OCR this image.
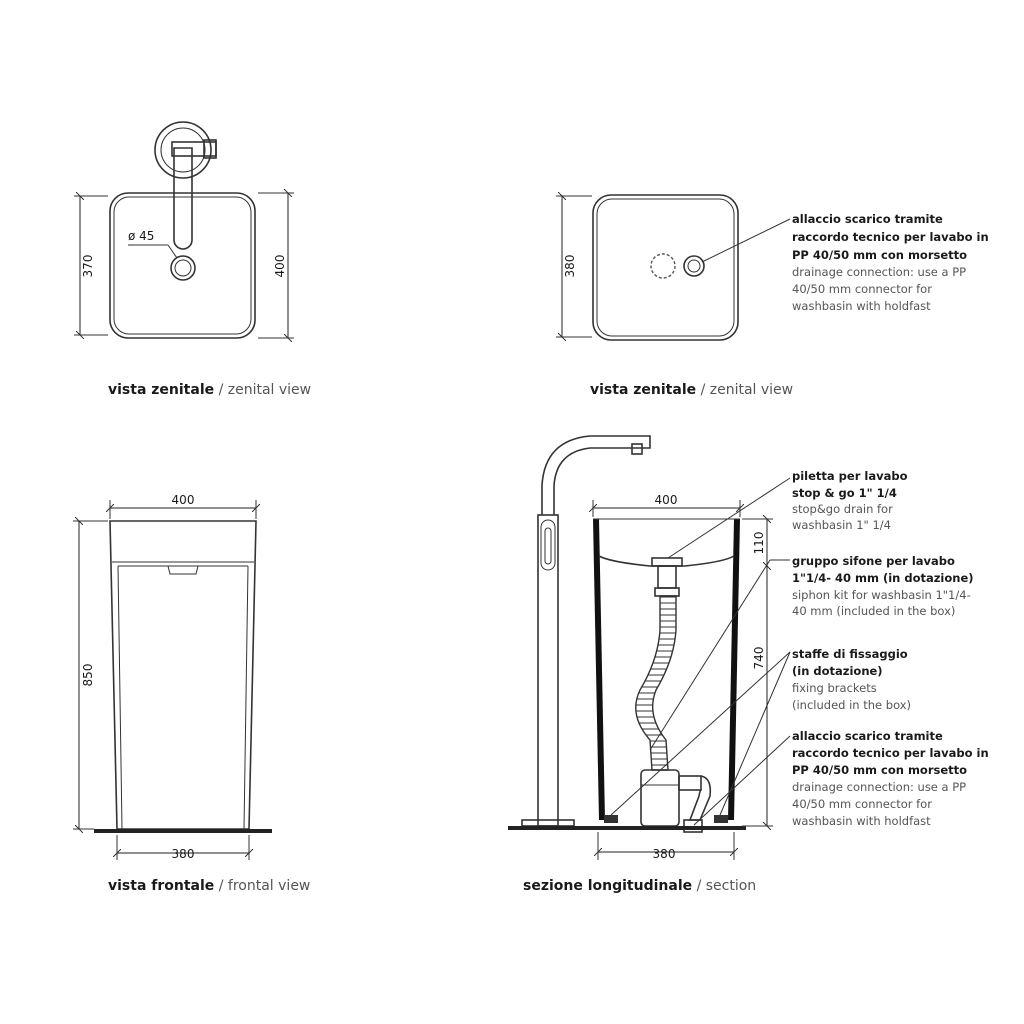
ø 45
370	400
vista zenitale / zenital view
380
allaccio scarico tramite raccordo tecnico per lavabo in PP 40/50 mm con morsetto drainage connection: use a PP 40/50 mm connector for washbasin with holdfast
vista zenitale / zenital view
400
850
380
vista frontale / frontal view
400
110
740
380
piletta per lavabo stop & go 1" 1/4 stop&go drain for washbasin 1" 1/4
gruppo sifone per lavabo 1"1/4- 40 mm (in dotazione) siphon kit for washbasin 1"1/4- 40 mm (included in the box)
staffe di fissaggio (in dotazione) fixing brackets (included in the box)
allaccio scarico tramite raccordo tecnico per lavabo in PP 40/50 mm con morsetto drainage connection: use a PP 40/50 mm connector for washbasin with holdfast
sezione longitudinale / section
